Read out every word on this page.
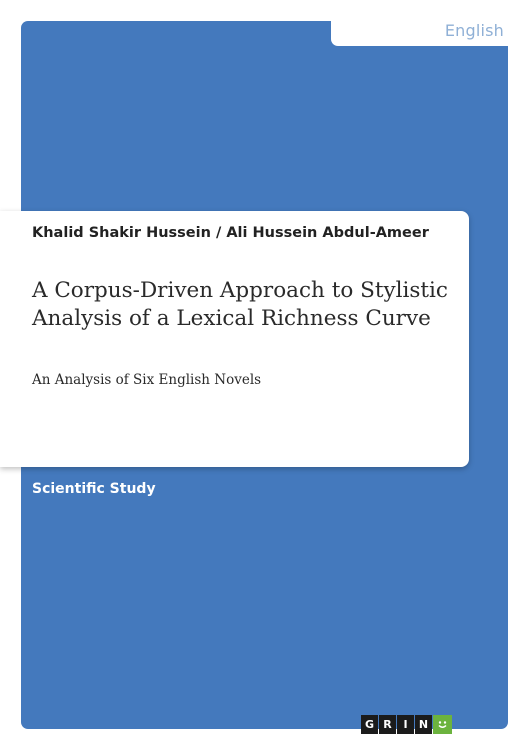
English
Khalid Shakir Hussein / Ali Hussein Abdul-Ameer
A Corpus-Driven Approach to Stylistic Analysis of a Lexical Richness Curve
An Analysis of Six English Novels
Scientific Study
G R	I	N
